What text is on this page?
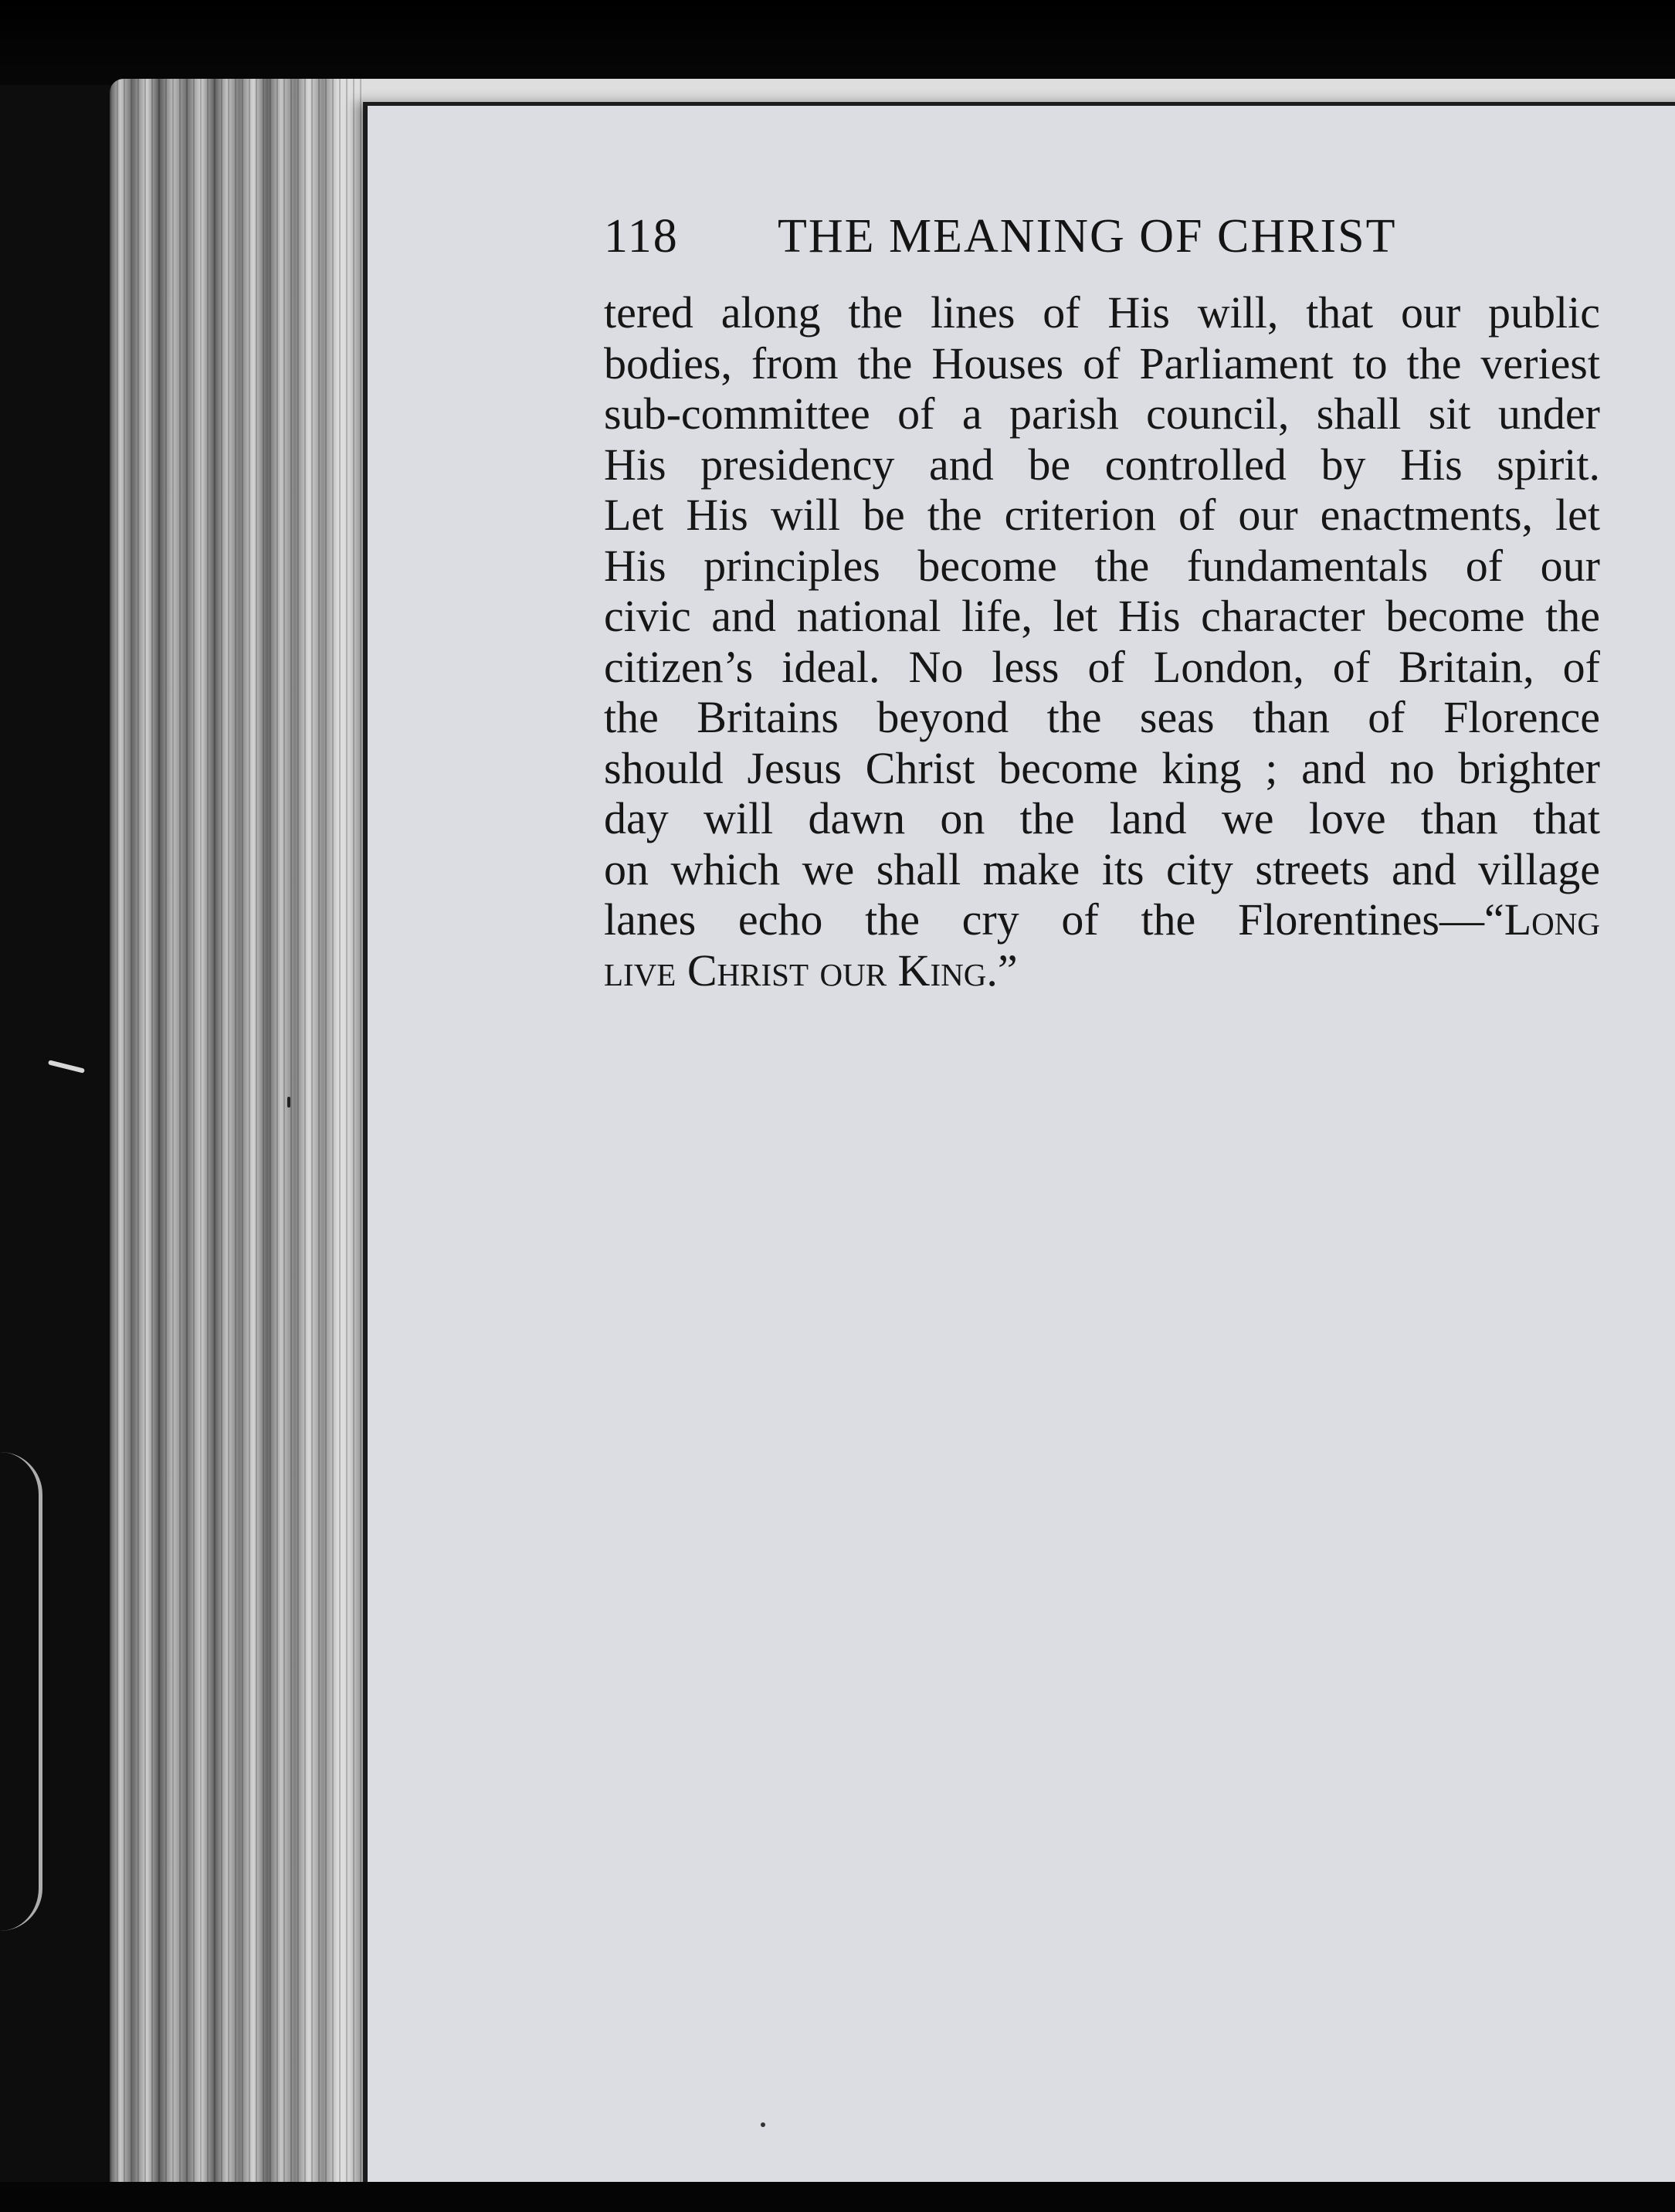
118 THE MEANING OF CHRIST
tered along the lines of His will, that our public
bodies, from the Houses of Parliament to the veriest
sub-committee of a parish council, shall sit under
His presidency and be controlled by His spirit.
Let His will be the criterion of our enactments, let
His principles become the fundamentals of our
civic and national life, let His character become the
citizen’s ideal. No less of London, of Britain, of
the Britains beyond the seas than of Florence
should Jesus Christ become king ; and no brighter
day will dawn on the land we love than that
on which we shall make its city streets and village
lanes echo the cry of the Florentines—“Long
live Christ our King.”
